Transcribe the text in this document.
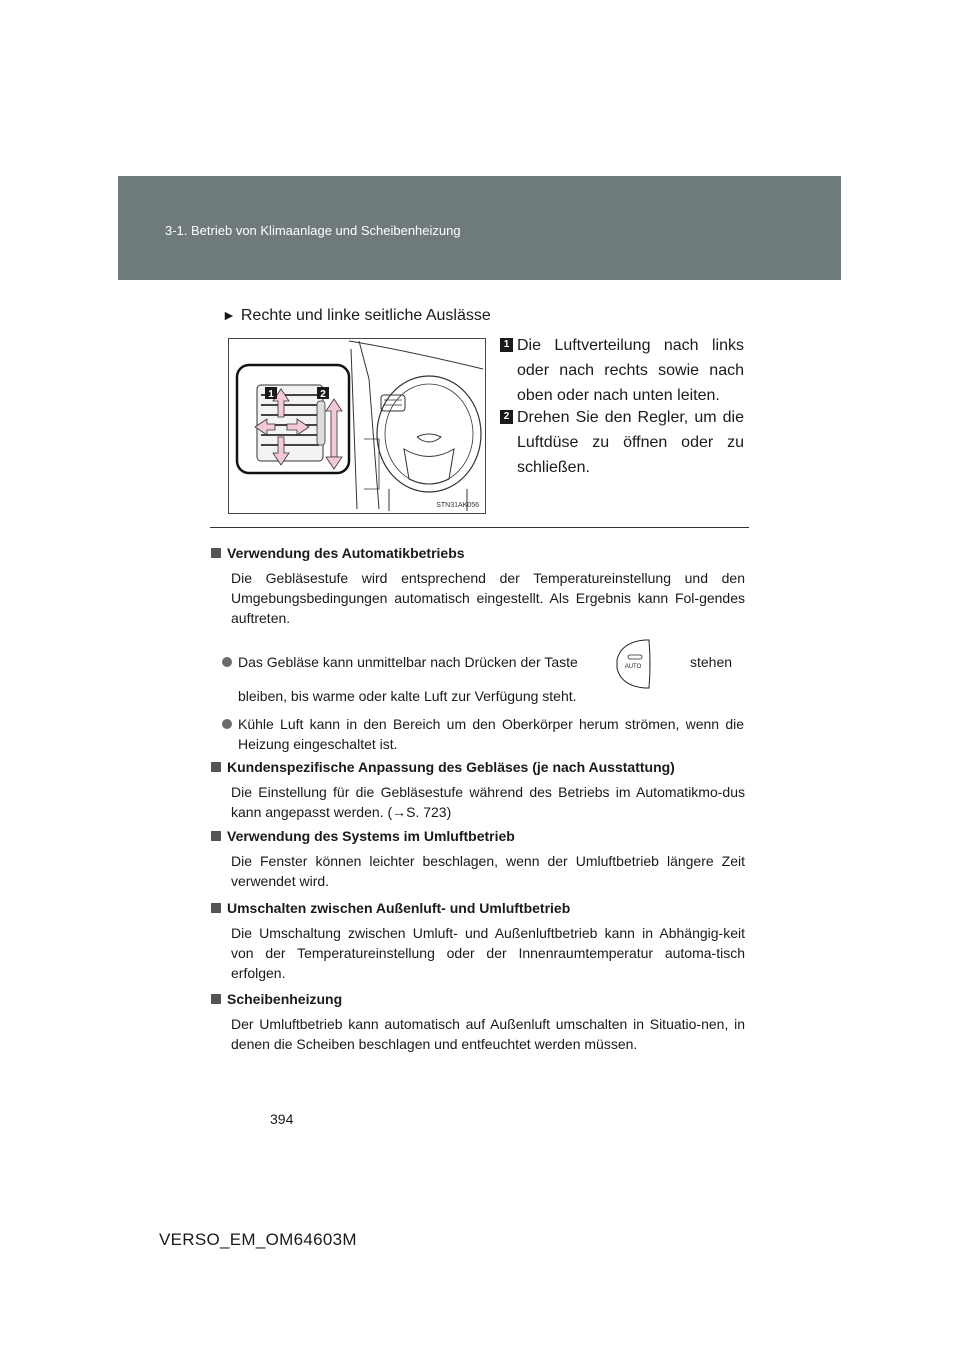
3-1. Betrieb von Klimaanlage und Scheibenheizung
► Rechte und linke seitliche Auslässe
1	2
STN31AK056
1 Die Luftverteilung nach links oder nach rechts sowie nach oben oder nach unten leiten.
2 Drehen Sie den Regler, um die Luftdüse zu öffnen oder zu schließen.
Verwendung des Automatikbetriebs
Die Gebläsestufe wird entsprechend der Temperatureinstellung und den Umgebungsbedingungen automatisch eingestellt. Als Ergebnis kann Fol-gendes auftreten.
Das Gebläse kann unmittelbar nach Drücken der Taste	stehen
AUTO
bleiben, bis warme oder kalte Luft zur Verfügung steht.
Kühle Luft kann in den Bereich um den Oberkörper herum strömen, wenn die Heizung eingeschaltet ist.
Kundenspezifische Anpassung des Gebläses (je nach Ausstattung)
Die Einstellung für die Gebläsestufe während des Betriebs im Automatikmo-dus kann angepasst werden. (→S. 723)
Verwendung des Systems im Umluftbetrieb
Die Fenster können leichter beschlagen, wenn der Umluftbetrieb längere Zeit verwendet wird.
Umschalten zwischen Außenluft- und Umluftbetrieb
Die Umschaltung zwischen Umluft- und Außenluftbetrieb kann in Abhängig-keit von der Temperatureinstellung oder der Innenraumtemperatur automa-tisch erfolgen.
Scheibenheizung
Der Umluftbetrieb kann automatisch auf Außenluft umschalten in Situatio-nen, in denen die Scheiben beschlagen und entfeuchtet werden müssen.
394
VERSO_EM_OM64603M
